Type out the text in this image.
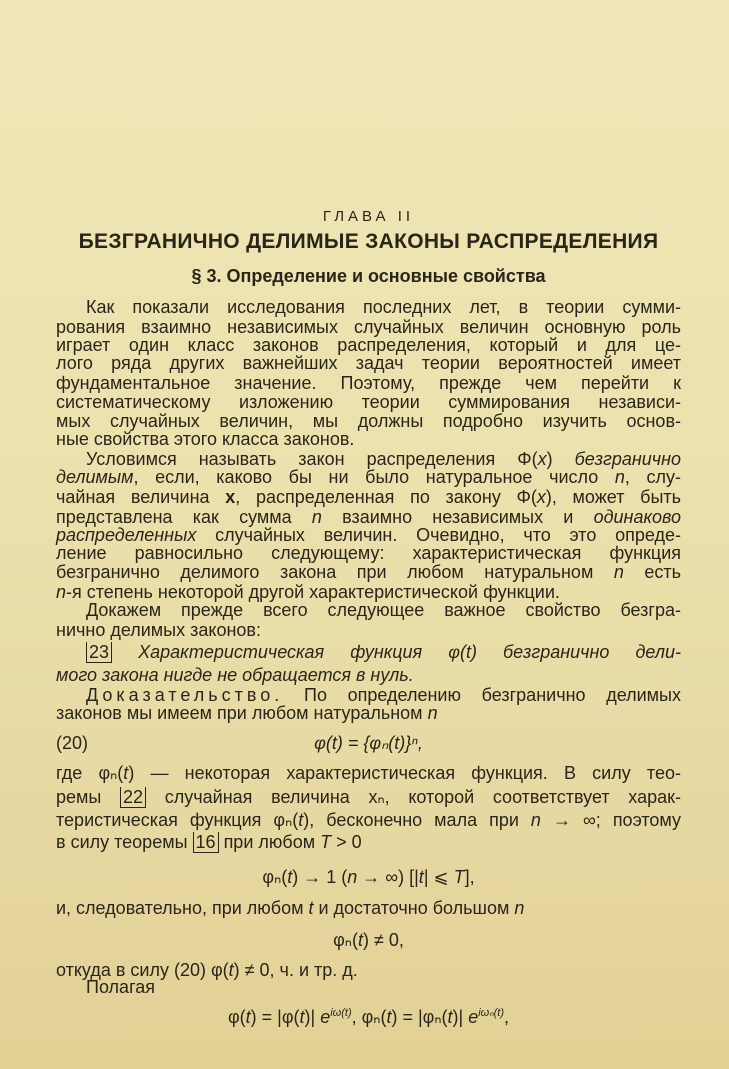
ГЛАВА II
БЕЗГРАНИЧНО ДЕЛИМЫЕ ЗАКОНЫ РАСПРЕДЕЛЕНИЯ
§ 3. Определение и основные свойства
Как показали исследования последних лет, в теории сумми-
рования взаимно независимых случайных величин основную роль
играет один класс законов распределения, который и для це-
лого ряда других важнейших задач теории вероятностей имеет
фундаментальное значение. Поэтому, прежде чем перейти к
систематическому изложению теории суммирования независи-
мых случайных величин, мы должны подробно изучить основ-
ные свойства этого класса законов.
Условимся называть закон распределения Φ(x) безгранично
делимым, если, каково бы ни было натуральное число n, слу-
чайная величина x, распределенная по закону Φ(x), может быть
представлена как сумма n взаимно независимых и одинаково
распределенных случайных величин. Очевидно, что это опреде-
ление равносильно следующему: характеристическая функция
безгранично делимого закона при любом натуральном n есть
n-я степень некоторой другой характеристической функции.
Докажем прежде всего следующее важное свойство безгра-
нично делимых законов:
23 Характеристическая функция φ(t) безгранично дели-
мого закона нигде не обращается в нуль.
Доказательство. По определению безгранично делимых
законов мы имеем при любом натуральном n
(20)	φ(t) = {φₙ(t)}ⁿ,
где φₙ(t) — некоторая характеристическая функция. В силу тео-
ремы 22 случайная величина xₙ, которой соответствует харак-
теристическая функция φₙ(t), бесконечно мала при n → ∞; поэтому
в силу теоремы 16 при любом T > 0
φₙ(t) → 1 (n → ∞) [|t| ⩽ T],
и, следовательно, при любом t и достаточно большом n
φₙ(t) ≠ 0,
откуда в силу (20) φ(t) ≠ 0, ч. и тр. д.
Полагая
φ(t) = |φ(t)| $e^{i\omega(t)}$, φₙ(t) = |φₙ(t)| $e^{i\omega_n(t)}$,
